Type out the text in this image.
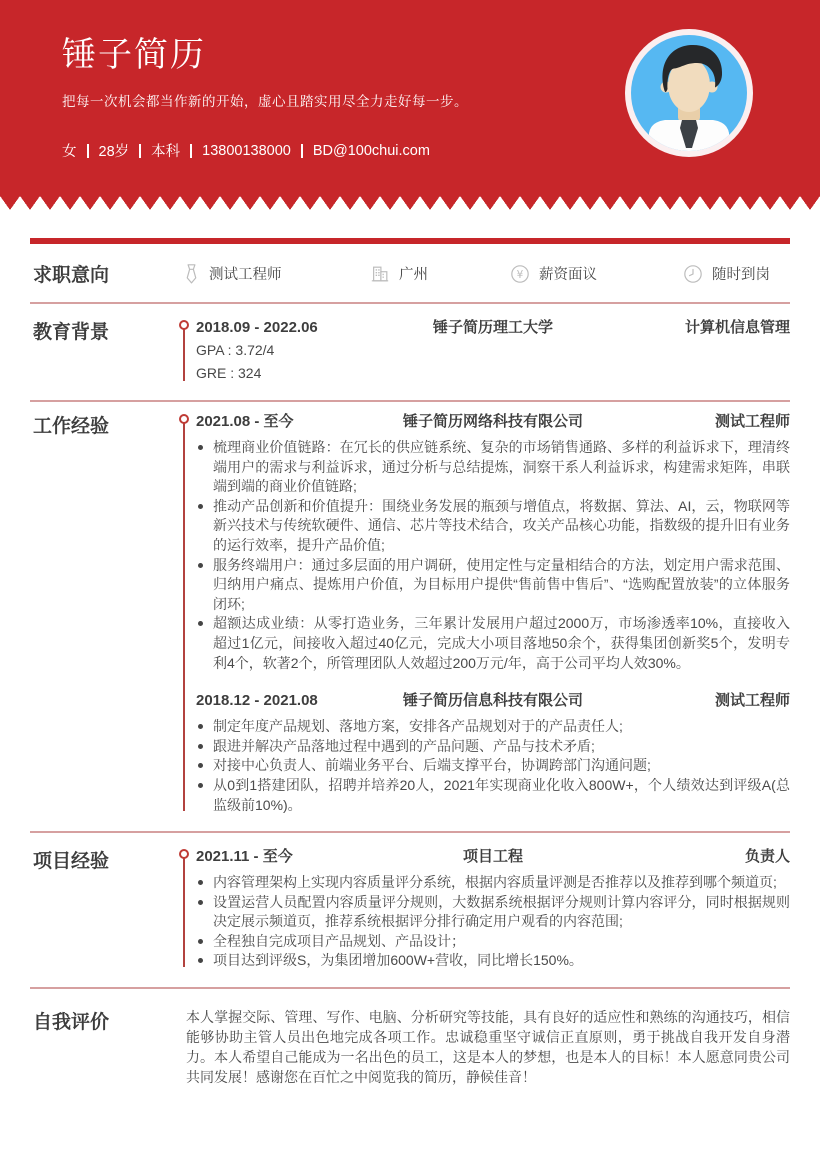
锤子简历

把每一次机会都当作新的开始，虚心且踏实用尽全力走好每一步。

女 28岁 本科 13800138000 BD@100chui.com
求职意向	测试工程师	广州	¥ 薪资面议	随时到岗
教育背景	2018.09 - 2022.06	锤子简历理工大学	计算机信息管理
GPA : 3.72/4
GRE : 324
工作经验	2021.08 - 至今	锤子简历网络科技有限公司	测试工程师
梳理商业价值链路：在冗长的供应链系统、复杂的市场销售通路、多样的利益诉求下，理清终端用户的需求与利益诉求，通过分析与总结提炼，洞察干系人利益诉求，构建需求矩阵，串联端到端的商业价值链路;
推动产品创新和价值提升：围绕业务发展的瓶颈与增值点，将数据、算法、AI，云，物联网等新兴技术与传统软硬件、通信、芯片等技术结合，攻关产品核心功能，指数级的提升旧有业务的运行效率，提升产品价值;
服务终端用户：通过多层面的用户调研，使用定性与定量相结合的方法，划定用户需求范围、归纳用户痛点、提炼用户价值，为目标用户提供“售前售中售后”、“选购配置放装”的立体服务闭环;
超额达成业绩：从零打造业务，三年累计发展用户超过2000万，市场渗透率10%，直接收入超过1亿元，间接收入超过40亿元，完成大小项目落地50余个，获得集团创新奖5个，发明专利4个，软著2个，所管理团队人效超过200万元/年，高于公司平均人效30%。
2018.12 - 2021.08	锤子简历信息科技有限公司	测试工程师
制定年度产品规划、落地方案，安排各产品规划对于的产品责任人;
跟进并解决产品落地过程中遇到的产品问题、产品与技术矛盾;
对接中心负责人、前端业务平台、后端支撑平台，协调跨部门沟通问题;
从0到1搭建团队，招聘并培养20人，2021年实现商业化收入800W+，个人绩效达到评级A(总监级前10%)。
项目经验	2021.11 - 至今	项目工程	负责人
内容管理架构上实现内容质量评分系统，根据内容质量评测是否推荐以及推荐到哪个频道页;
设置运营人员配置内容质量评分规则，大数据系统根据评分规则计算内容评分，同时根据规则决定展示频道页，推荐系统根据评分排行确定用户观看的内容范围;
全程独自完成项目产品规划、产品设计；
项目达到评级S，为集团增加600W+营收，同比增长150%。
自我评价	本人掌握交际、管理、写作、电脑、分析研究等技能，具有良好的适应性和熟练的沟通技巧，相信能够协助主管人员出色地完成各项工作。忠诚稳重坚守诚信正直原则，勇于挑战自我开发自身潜力。本人希望自己能成为一名出色的员工，这是本人的梦想，也是本人的目标！本人愿意同贵公司共同发展！感谢您在百忙之中阅览我的简历，静候佳音！
